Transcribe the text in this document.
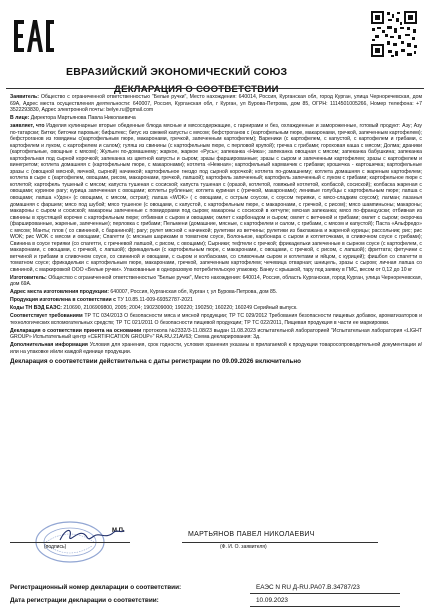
ЕВРАЗИЙСКИЙ ЭКОНОМИЧЕСКИЙ СОЮЗ
ДЕКЛАРАЦИЯ О СООТВЕТСТВИИ

Заявитель: Общество с ограниченной ответственностью "Белые ручки", Место нахождения: 640014, Россия, Курганская обл, город Курган, улица Черноречевская, дом 69А, Адрес места осуществления деятельности: 640007, Россия, Курганская обл, г Курган, ул Бурова-Петрова, дом 85, ОГРН: 1114501005266, Номер телефона: +7 3522293830, Адрес электронной почты: belye.ru@gmail.com

В лице: Директора Мартьянова Павла Николаевича

заявляет, что Изделия кулинарные вторые обеденные блюда мясные и мясосодержащие, с гарнирами и без, охлажденные и замороженные, готовый продукт: Азу; Азу по-татарски; Битки; биточки паровые; бифштекс; бигус из свежей капусты с мясом; бефстроганов с (картофельным пюре, макаронами, гречкой, запеченным картофелем); бефстроганов из говядины с(картофельным пюре, макаронами, гречкой, запеченным картофелем); Вареники (с картофелем, с капустой, с картофелем и грибами, с картофелем и луком, с картофелем и салом); гуляш из свинины (с картофельным пюре, с перловой крупой); гречка с грибами; гороховая каша с мясом; Долма; драники (картофельные, овощные с мясом); Жульен по-домашнему; жаркое, жаркое «Русь»; запеканка «Ника»; запеканка овощная с мясом; запеканка бабушкина; запеканка картофельная под сырной корочкой; запеканка из цветной капусты и сыром; зразы фаршированные; зразы с сыром и запеченным картофелем; зразы с картофелем и винегретом; котлета домашняя с (картофельным пюре, с макаронами); котлета «Нежная»; картофельный карманчик с грибами; крошечка - картошечка; картофельные зразы с (овощной мясной, яичной, сырной) начинкой; картофельное гнездо под сырной корочкой; котлета по-домашнему; котлета домашняя с жареным картофелем; котлета в сыре с (картофелем, овощами, рисом, макаронами, гречкой, лапшой); картофель запеченный; картофель запеченный с луком с грибами; картофельное пюре с котлетой; картофель тушеный с мясом; капуста тушеная с сосиской; капуста тушеная с (оразой, котлетой, говяжьей котлетой, колбасой, сосиской); колбаска жареная с овощами; куриное рагу; курица запеченная с овощами; котлеты рубленые; котлета куриная с (гречкой, макаронами); ленивые голубцы с картофельным пюре; лапша с овощами; лапша «Удон» (с овощами, с мясом, острая); лапша «WOK» ( с овощами, с острым соусом, с соусом терияки, с мясо-сладким соусом); лагман; лазанья домашняя с фаршем; мясо под шубой; мясо тушеное (с овощами, с капустой, с картофельным пюре, с макаронами, с гречкой, с рисом); мясо шампиньоны; макароны; макароны с сыром и сосиской; макароны запеченные с помидорами под сыром; макароны с сосиской в кетчупе; мясная запеканка; мясо по-французски; отбивная из свинины в хрустящей корочке с картофельным пюре; отбивная с сыром и овощами; омлет с карбонадом и сыром; омлет с ветчиной и грибами; омлет с сыром; окорочка (фаршированные, жареные, запеченные); перловка с грибами; Пельмени (домашние, мясные, с картофелем и салом, с грибами, с мясом и капустой); Паста «Альфредо» с мясом; Манты; плов ( со свининой, с бараниной); рагу; рулет мясной с начинкой; рулетики из ветчины; рулетики из баклажана и жареной курицы; рассольник; рис; рис WOK; рис WOK с мясом и овощами; Спагетти (с мясным шариками в томатном соусе, Болоньезе, карбонара с сыром и котлеточками, в сливочном соусе с грибами); Свинина в соусе терияки (со спагетти, с гречневой лапшой, с рисом, с овощами); Сырники; тефтели с гречкой; фрикадельки запеченные в сырном соусе (с картофелем, с макаронами, с овощами, с гречкой, с лапшой); фрикадельки (с картофельным пюре, с макаронами, с овощами, с гречкой, с рисом, с лапшой); фриттата; фетучини с ветчиной и грибами в сливочном соусе, со свининой и овощами, с сыром и колбасками, со сливочным сыром и котлетами и яйцом, с курицей); фишбол со спагетти в томатном соусе; фрикадельки с картофельным пюре, макаронами, гречкой, запеченным картофелем; чечевица отварная; шницель, зразы с сыром; личная лапша со свининой, с маркировкой ООО «Белые ручки». Упакованные в одноразовую потребительскую упаковку. Банку с крышкой, тару под заявку в ГМС, весом от 0,12 до 10 кг

Изготовитель: Общество с ограниченной ответственностью "Белые ручки", Место нахождения: 640014, Россия, область Курганская, город Курган, улица Черноречевская, дом 69А.

Адрес места изготовления продукции: 640007, Россия, Курганская обл, Курган г, ул Бурова-Петрова, дом 85.

Продукция изготовлена в соответствии с ТУ 10.85.11-009-69352787-2021

Коды ТН ВЭД ЕАЭС: 210690, 2106909800, 2005; 2004; 1902309000; 190220; 190250; 160220; 160249 Серийный выпуск.

Соответствует требованиям ТР ТС 034/2013 О безопасности мяса и мясной продукции; ТР ТС 029/2012 Требования безопасности пищевых добавок, ароматизаторов и технологических вспомогательных средств; ТР ТС 021/2011 О безопасности пищевой продукции; ТР ТС 022/2011, Пищевая продукция в части ее маркировки.

Декларация о соответствии принята на основании протокола №2332/3-11.08/23 выдан 11.08.2023 испытательной лабораторией "Испытательная лаборатория «LIGHT GROUP» Испытательный центр «CERTIFICATION GROUP»" RA.RU.21AV63; Схема декларирования: 3д.

Дополнительная информация Условия для хранения, срок годности, условия хранения указаны в прилагаемой к продукции товаросопроводительной документации и/или на упаковке и/или каждой единице продукции.

Декларация о соответствии действительна с даты регистрации по 09.09.2026 включительно

М.П.
(подпись)
МАРТЬЯНОВ ПАВЕЛ НИКОЛАЕВИЧ
(Ф. И. О. заявителя)
Регистрационный номер декларации о соответствии:	ЕАЭС N RU Д-RU.PA07.В.34787/23
Дата регистрации декларации о соответствии:	10.09.2023
